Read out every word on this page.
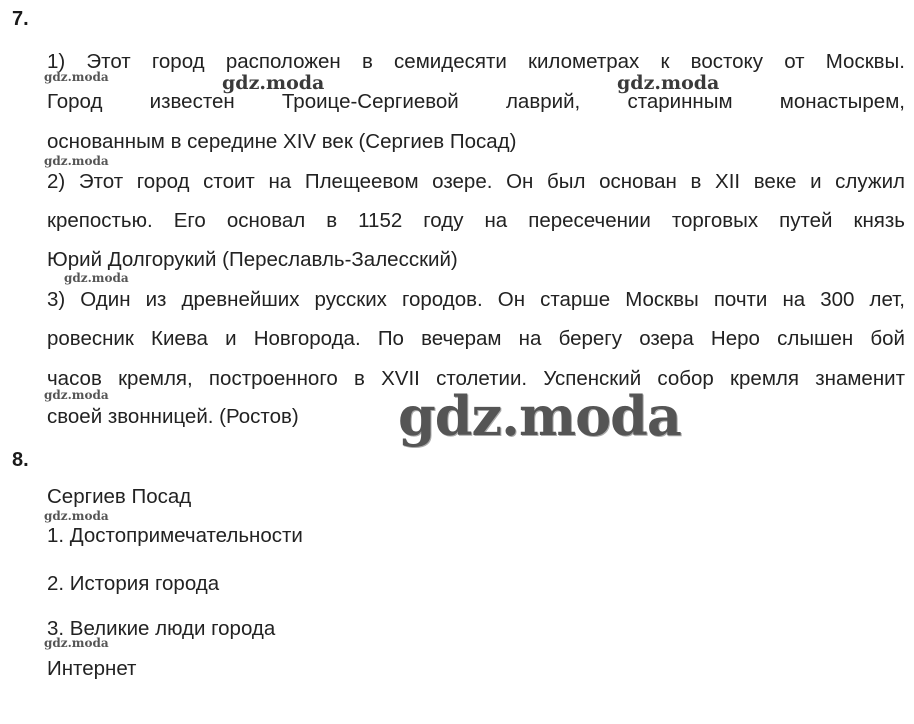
7.
1) Этот город расположен в семидесяти километрах к востоку от Москвы.
Город известен Троице-Сергиевой лаврий, старинным монастырем,
основанным в середине XIV век (Сергиев Посад)
2) Этот город стоит на Плещеевом озере. Он был основан в XII веке и служил
крепостью. Его основал в 1152 году на пересечении торговых путей князь
Юрий Долгорукий (Переславль-Залесский)
3) Один из древнейших русских городов. Он старше Москвы почти на 300 лет,
ровесник Киева и Новгорода. По вечерам на берегу озера Неро слышен бой
часов кремля, построенного в XVII столетии. Успенский собор кремля знаменит
своей звонницей. (Ростов)
8.
Сергиев Посад
1. Достопримечательности
2. История города
3. Великие люди города
Интернет
gdz.moda	gdz.moda	gdz.moda
gdz.moda
gdz.moda
gdz.moda	gdz.moda
gdz.moda
gdz.moda
